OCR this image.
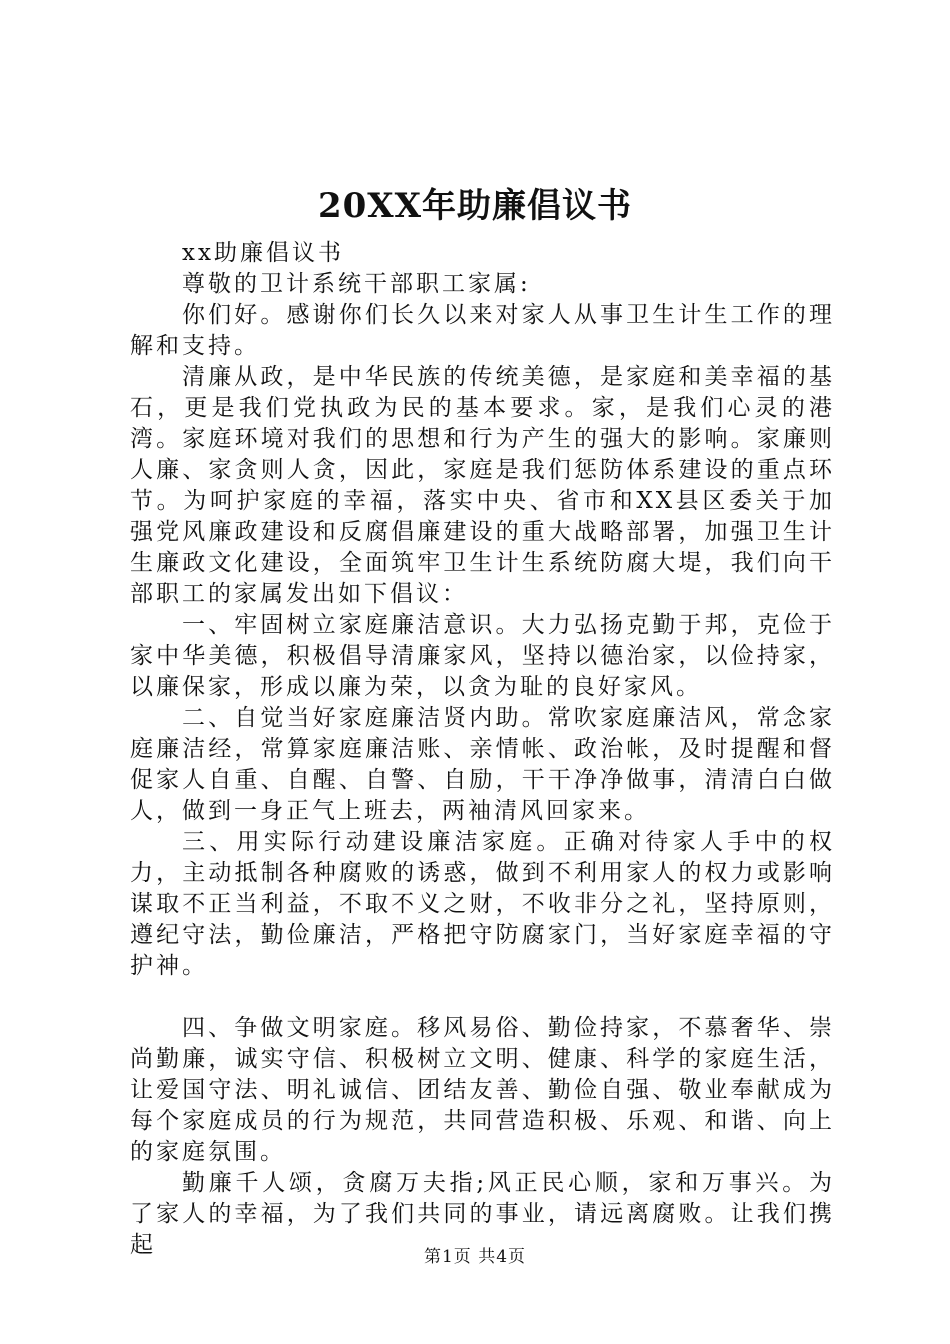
20XX年助廉倡议书

xx助廉倡议书

尊敬的卫计系统干部职工家属:

你们好。感谢你们长久以来对家人从事卫生计生工作的理解和支持。

清廉从政，是中华民族的传统美德，是家庭和美幸福的基石，更是我们党执政为民的基本要求。家，是我们心灵的港湾。家庭环境对我们的思想和行为产生的强大的影响。家廉则人廉、家贪则人贪，因此，家庭是我们惩防体系建设的重点环节。为呵护家庭的幸福，落实中央、省市和XX县区委关于加强党风廉政建设和反腐倡廉建设的重大战略部署，加强卫生计生廉政文化建设，全面筑牢卫生计生系统防腐大堤，我们向干部职工的家属发出如下倡议：

一、牢固树立家庭廉洁意识。大力弘扬克勤于邦，克俭于家中华美德，积极倡导清廉家风，坚持以德治家，以俭持家，以廉保家，形成以廉为荣，以贪为耻的良好家风。

二、自觉当好家庭廉洁贤内助。常吹家庭廉洁风，常念家庭廉洁经，常算家庭廉洁账、亲情帐、政治帐，及时提醒和督促家人自重、自醒、自警、自励，干干净净做事，清清白白做人，做到一身正气上班去，两袖清风回家来。

三、用实际行动建设廉洁家庭。正确对待家人手中的权力，主动抵制各种腐败的诱惑，做到不利用家人的权力或影响谋取不正当利益，不取不义之财，不收非分之礼，坚持原则，遵纪守法，勤俭廉洁，严格把守防腐家门，当好家庭幸福的守护神。

四、争做文明家庭。移风易俗、勤俭持家，不慕奢华、崇尚勤廉，诚实守信、积极树立文明、健康、科学的家庭生活，让爱国守法、明礼诚信、团结友善、勤俭自强、敬业奉献成为每个家庭成员的行为规范，共同营造积极、乐观、和谐、向上的家庭氛围。

勤廉千人颂，贪腐万夫指;风正民心顺，家和万事兴。为了家人的幸福，为了我们共同的事业，请远离腐败。让我们携起	第1页 共4页
